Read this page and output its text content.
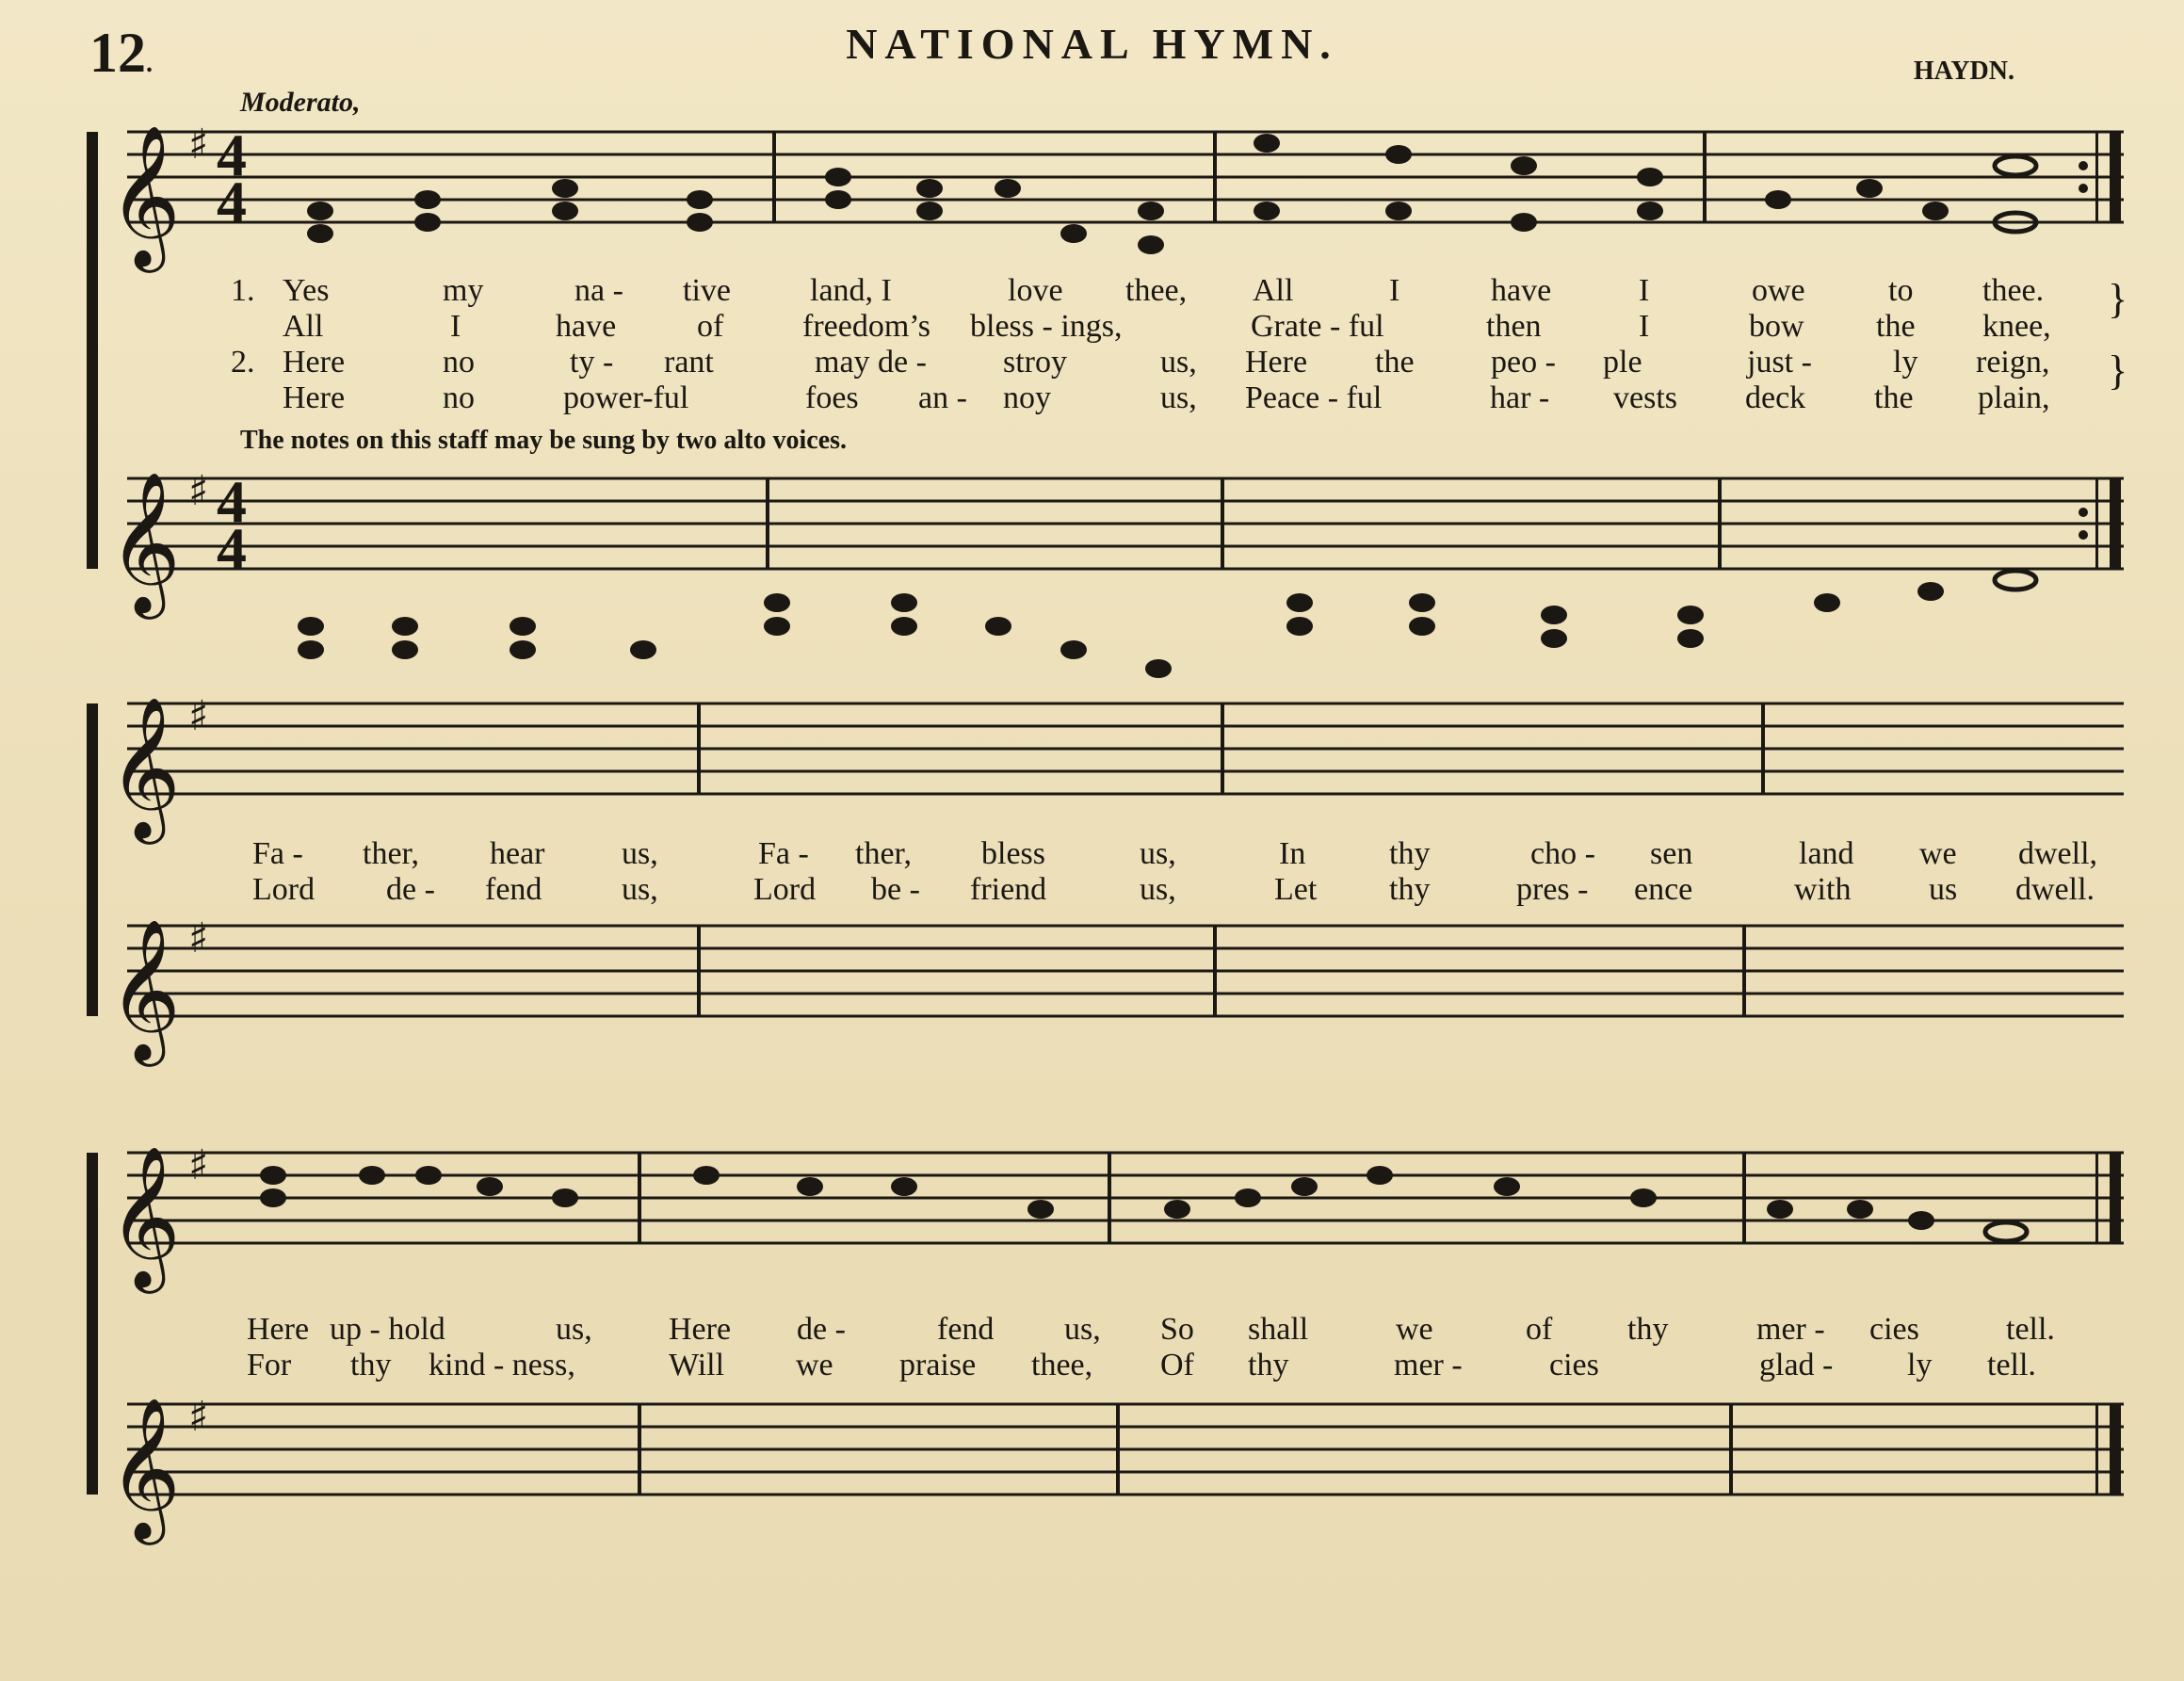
12.	NATIONAL HYMN.
HAYDN.
Moderato,
The notes on this staff may be sung by two alto voices.
𝄞
𝄞
𝄞
𝄞
𝄞
𝄞
♯
♯
♯
♯
♯
♯
4
4
4
4
1.
2.
Yes	my	na - tive land, I	love thee, All	I	have	I	owe	to thee.
All	I	have	of freedom’s bless - ings,	Grate - ful	then	I	bow the knee,
Here	no	ty - rant	may de - stroy	us, Here the peo - ple	just -	ly reign,
Here	no	power-ful	foes an - noy	us, Peace - ful	har - vests deck the plain,
}
}
Fa - ther, hear us,	Fa - ther, bless	us,	In	thy	cho - sen	land we dwell,
Lord de - fend us,	Lord be - friend	us,	Let thy	pres - ence	with us dwell.
Here up - hold	us, Here de -	fend us, So shall	we	of thy	mer - cies	tell.
For thy kind - ness,	Will we praise thee, Of thy	mer -	cies	glad - ly tell.
